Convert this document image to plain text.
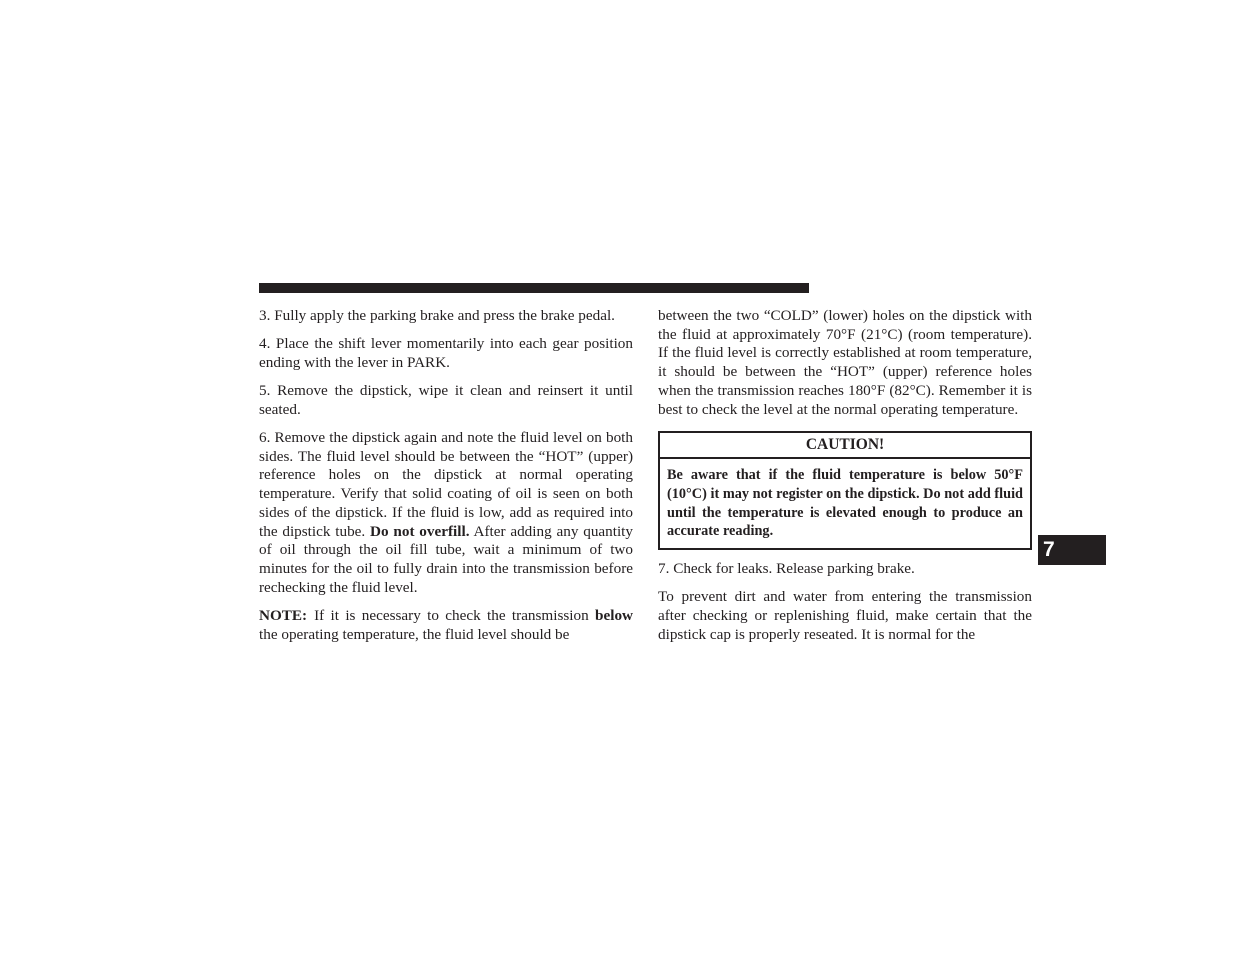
3. Fully apply the parking brake and press the brake pedal.

4. Place the shift lever momentarily into each gear position ending with the lever in PARK.

5. Remove the dipstick, wipe it clean and reinsert it until seated.

6. Remove the dipstick again and note the fluid level on both sides. The fluid level should be between the “HOT” (upper) reference holes on the dipstick at normal operating temperature. Verify that solid coating of oil is seen on both sides of the dipstick. If the fluid is low, add as required into the dipstick tube. Do not overfill. After adding any quantity of oil through the oil fill tube, wait a minimum of two minutes for the oil to fully drain into the transmission before rechecking the fluid level.

NOTE: If it is necessary to check the transmission below the operating temperature, the fluid level should be

between the two “COLD” (lower) holes on the dipstick with the fluid at approximately 70°F (21°C) (room temperature). If the fluid level is correctly established at room temperature, it should be between the “HOT” (upper) reference holes when the transmission reaches 180°F (82°C). Remember it is best to check the level at the normal operating temperature.

CAUTION!
Be aware that if the fluid temperature is below 50°F (10°C) it may not register on the dipstick. Do not add fluid until the temperature is elevated enough to produce an accurate reading.

7. Check for leaks. Release parking brake.

To prevent dirt and water from entering the transmission after checking or replenishing fluid, make certain that the dipstick cap is properly reseated. It is normal for the

7
